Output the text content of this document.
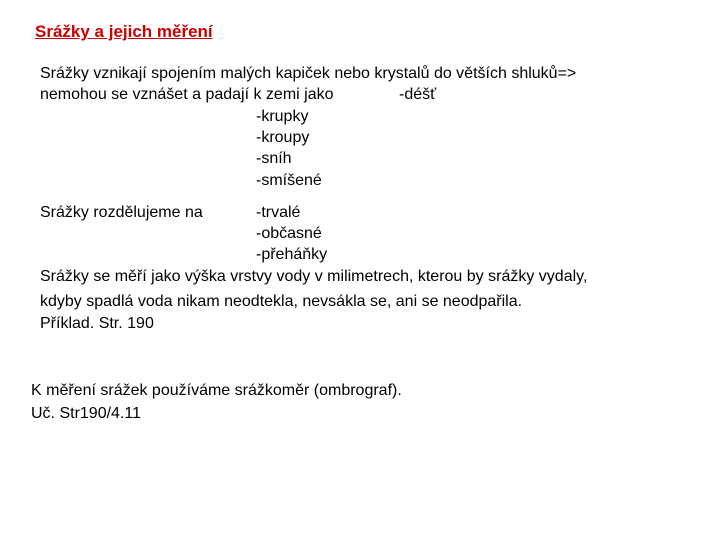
Srážky a jejich měření
Srážky vznikají spojením malých kapiček nebo krystalů do větších shluků=>
nemohou se vznášet a padají k zemi jako	-déšť
-krupky
-kroupy
-sníh
-smíšené
Srážky rozdělujeme na	-trvalé
-občasné
-přeháňky
Srážky se měří jako výška vrstvy vody v milimetrech, kterou by srážky vydaly,
kdyby spadlá voda nikam neodtekla, nevsákla se, ani se neodpařila.
Příklad. Str. 190
K měření srážek používáme srážkoměr (ombrograf).
Uč. Str190/4.11
